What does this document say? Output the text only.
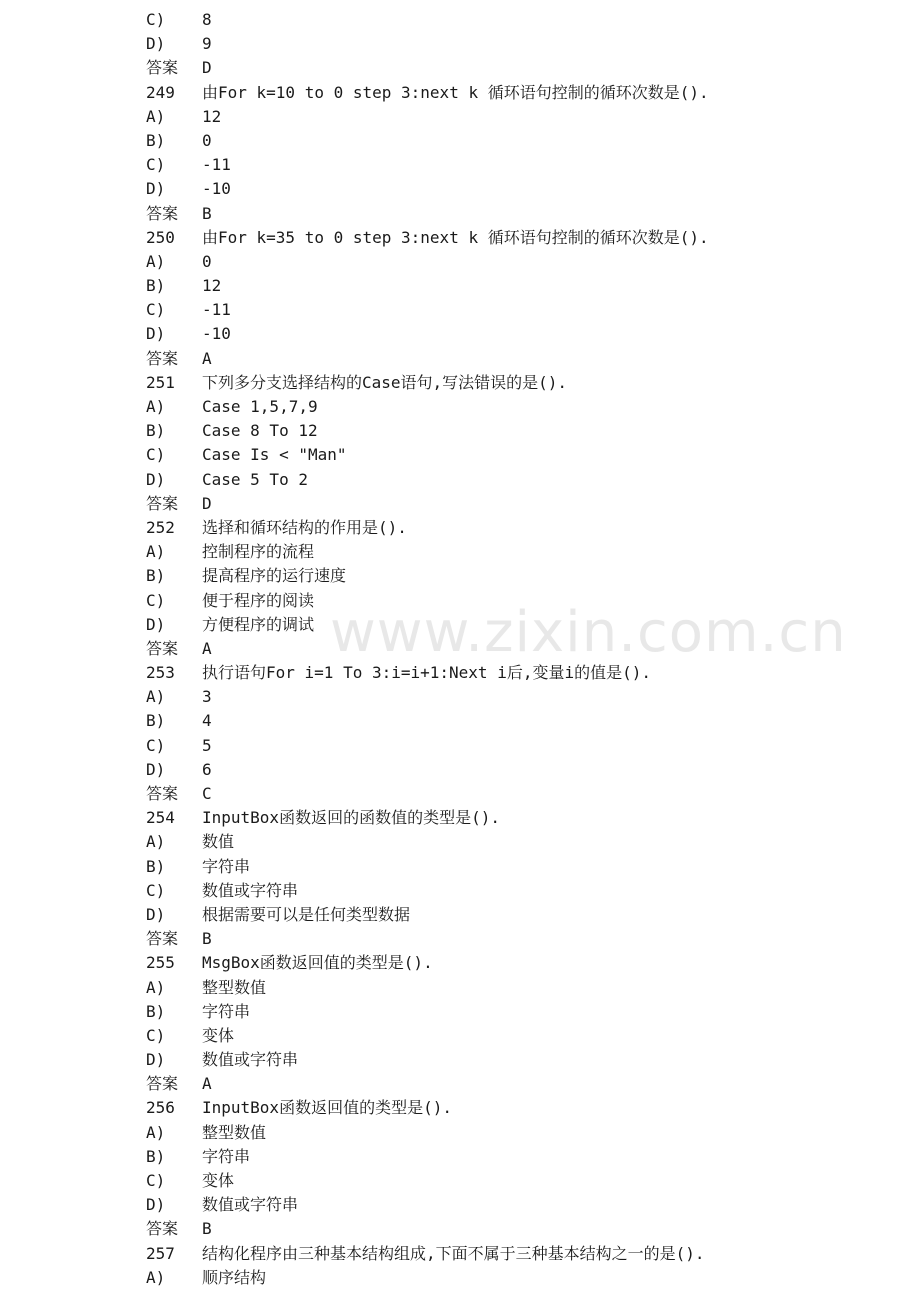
www.zixin.com.cn
C) 8
D) 9
答案 D
249 由For k=10 to 0 step 3:next k 循环语句控制的循环次数是().
A) 12
B) 0
C) -11
D) -10
答案 B
250 由For k=35 to 0 step 3:next k 循环语句控制的循环次数是().
A) 0
B) 12
C) -11
D) -10
答案 A
251 下列多分支选择结构的Case语句,写法错误的是().
A) Case 1,5,7,9
B) Case 8 To 12
C) Case Is < "Man"
D) Case 5 To 2
答案 D
252 选择和循环结构的作用是().
A) 控制程序的流程
B) 提高程序的运行速度
C) 便于程序的阅读
D) 方便程序的调试
答案 A
253 执行语句For i=1 To 3:i=i+1:Next i后,变量i的值是().
A) 3
B) 4
C) 5
D) 6
答案 C
254 InputBox函数返回的函数值的类型是().
A) 数值
B) 字符串
C) 数值或字符串
D) 根据需要可以是任何类型数据
答案 B
255 MsgBox函数返回值的类型是().
A) 整型数值
B) 字符串
C) 变体
D) 数值或字符串
答案 A
256 InputBox函数返回值的类型是().
A) 整型数值
B) 字符串
C) 变体
D) 数值或字符串
答案 B
257 结构化程序由三种基本结构组成,下面不属于三种基本结构之一的是().
A) 顺序结构
